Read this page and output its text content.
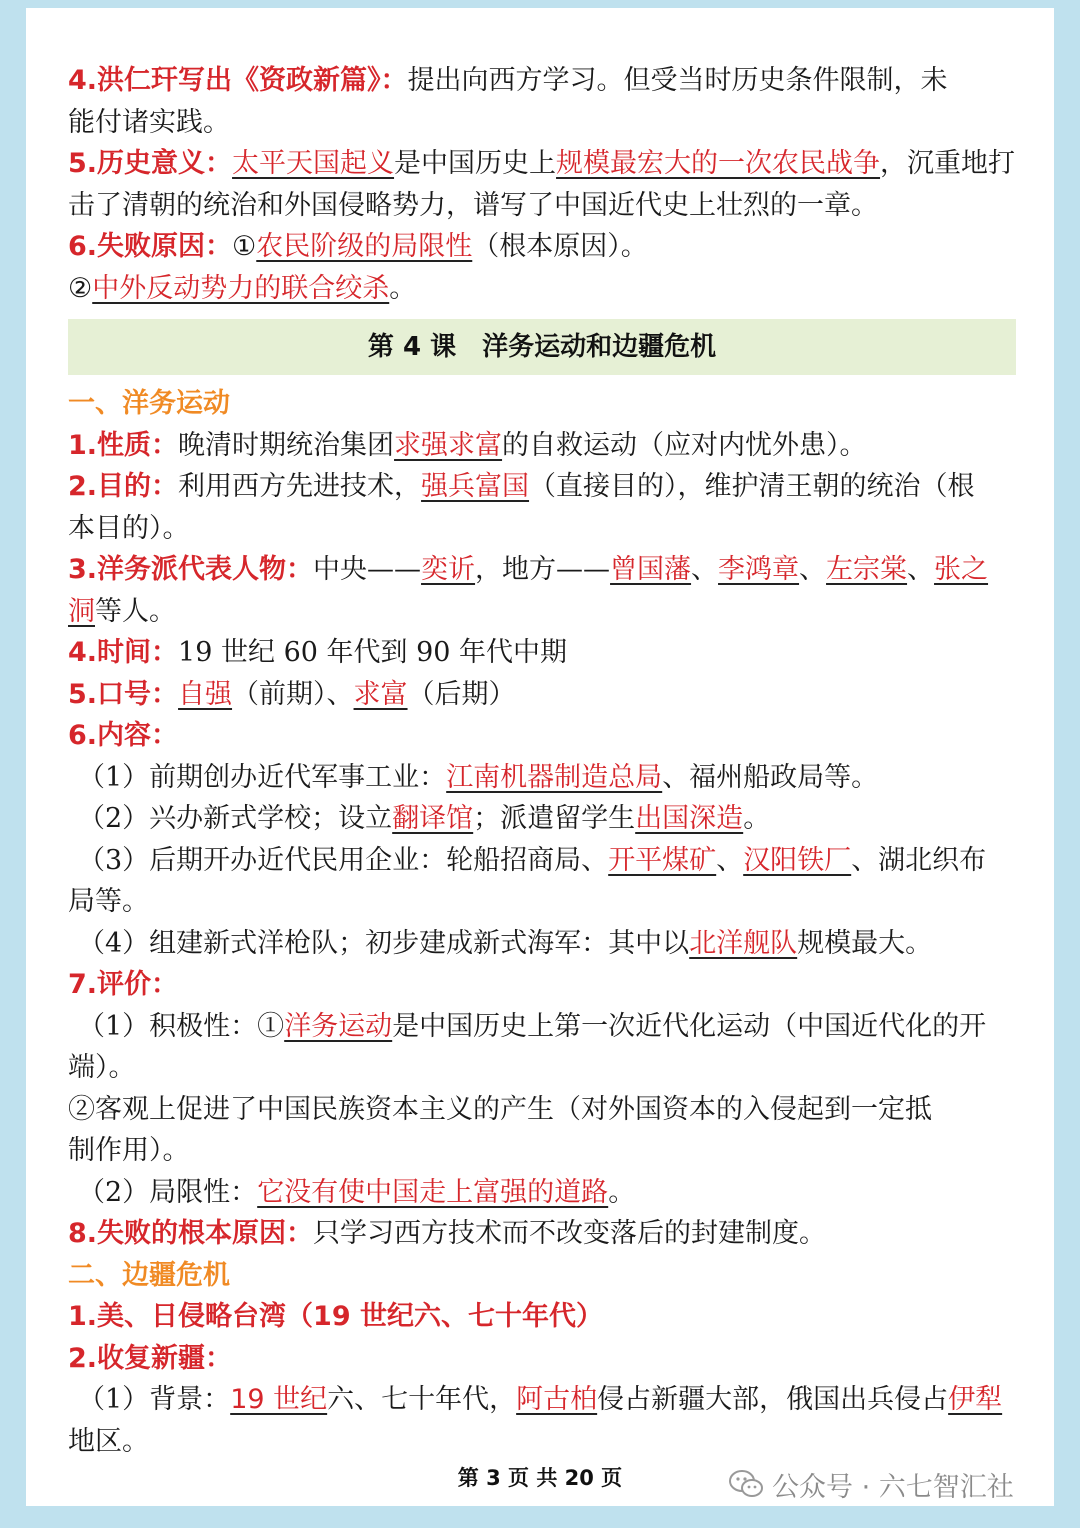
4.洪仁玕写出《资政新篇》：提出向西方学习。但受当时历史条件限制，未
能付诸实践。
5.历史意义：太平天国起义是中国历史上规模最宏大的一次农民战争，沉重地打
击了清朝的统治和外国侵略势力，谱写了中国近代史上壮烈的一章。
6.失败原因：①农民阶级的局限性（根本原因）。
②中外反动势力的联合绞杀。
第 4 课 洋务运动和边疆危机
一、洋务运动
1.性质：晚清时期统治集团求强求富的自救运动（应对内忧外患）。
2.目的：利用西方先进技术，强兵富国（直接目的），维护清王朝的统治（根
本目的）。
3.洋务派代表人物：中央——奕䜣，地方——曾国藩、李鸿章、左宗棠、张之
洞等人。
4.时间：19 世纪 60 年代到 90 年代中期
5.口号：自强（前期）、求富（后期）
6.内容：
（1）前期创办近代军事工业：江南机器制造总局、福州船政局等。
（2）兴办新式学校；设立翻译馆；派遣留学生出国深造。
（3）后期开办近代民用企业：轮船招商局、开平煤矿、汉阳铁厂、湖北织布
局等。
（4）组建新式洋枪队；初步建成新式海军：其中以北洋舰队规模最大。
7.评价：
（1）积极性：①洋务运动是中国历史上第一次近代化运动（中国近代化的开
端）。
②客观上促进了中国民族资本主义的产生（对外国资本的入侵起到一定抵
制作用）。
（2）局限性：它没有使中国走上富强的道路。
8.失败的根本原因：只学习西方技术而不改变落后的封建制度。
二、边疆危机
1.美、日侵略台湾（19 世纪六、七十年代）
2.收复新疆：
（1）背景：19 世纪六、七十年代，阿古柏侵占新疆大部，俄国出兵侵占伊犁
地区。
第 3 页 共 20 页	公众号 · 六七智汇社
